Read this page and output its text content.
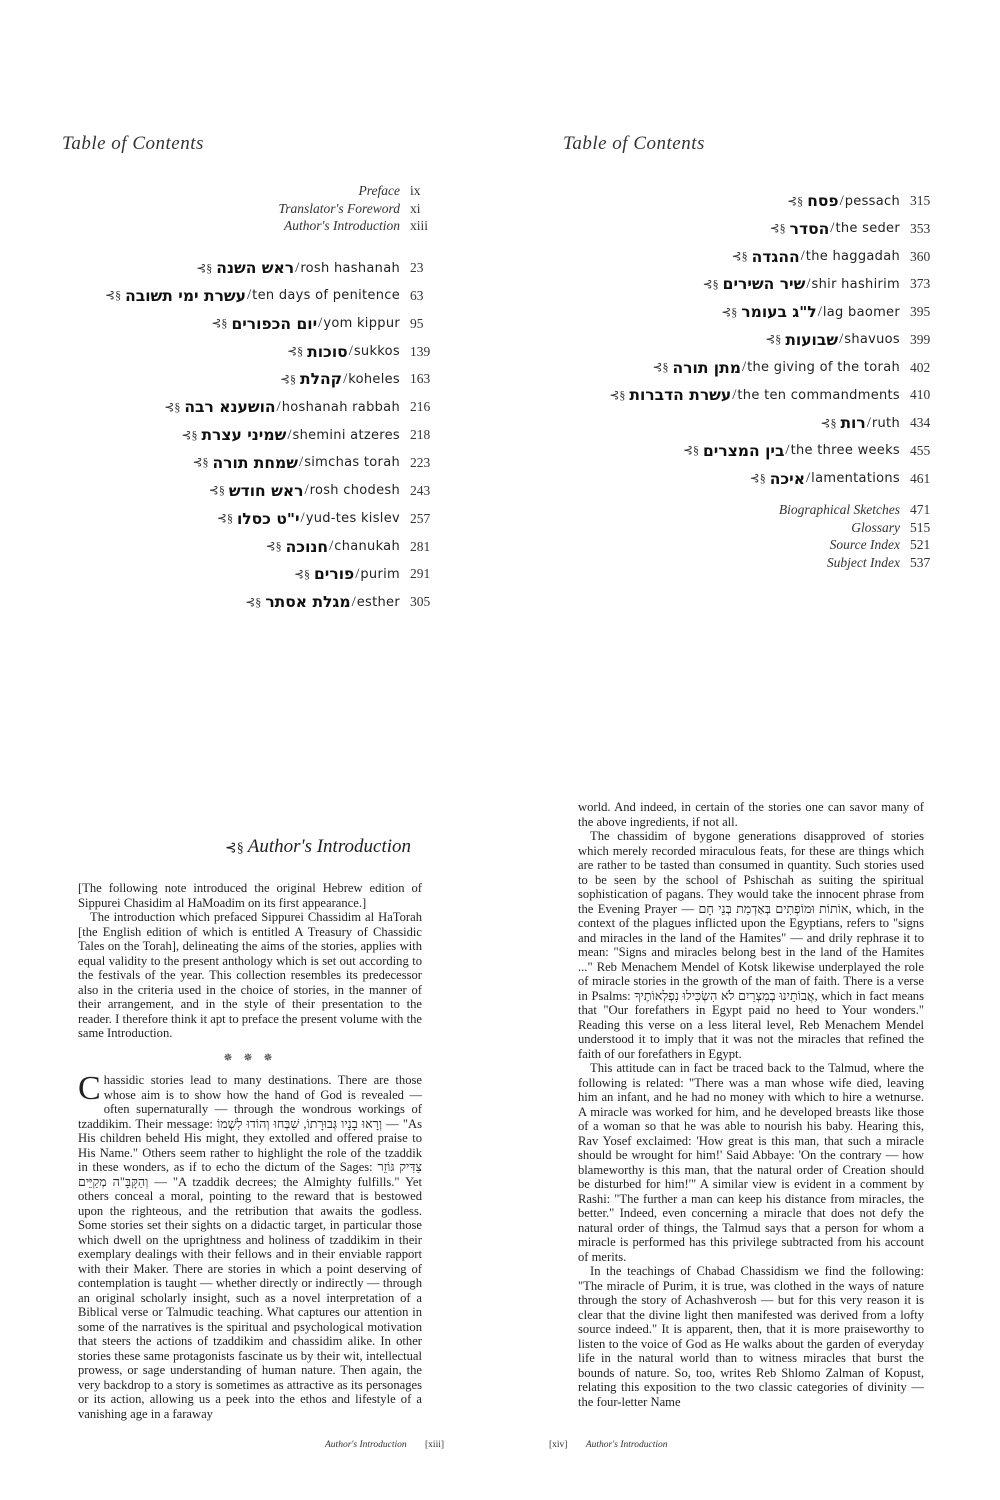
Table of Contents
Preface ix
Translator's Foreword xi
Author's Introduction xiii
⊰§ ראש השנה / rosh hashanah 23
⊰§ עשרת ימי תשובה / ten days of penitence 63
⊰§ יום הכפורים / yom kippur 95
⊰§ סוכות / sukkos 139
⊰§ קהלת / koheles 163
⊰§ הושענא רבה / hoshanah rabbah 216
⊰§ שמיני עצרת / shemini atzeres 218
⊰§ שמחת תורה / simchas torah 223
⊰§ ראש חודש / rosh chodesh 243
⊰§ י"ט כסלו / yud-tes kislev 257
⊰§ חנוכה / chanukah 281
⊰§ פורים / purim 291
⊰§ מגלת אסתר / esther 305
Table of Contents
⊰§ פסח / pessach 315
⊰§ הסדר / the seder 353
⊰§ ההגדה / the haggadah 360
⊰§ שיר השירים / shir hashirim 373
⊰§ ל"ג בעומר / lag baomer 395
⊰§ שבועות / shavuos 399
⊰§ מתן תורה / the giving of the torah 402
⊰§ עשרת הדברות / the ten commandments 410
⊰§ רות / ruth 434
⊰§ בין המצרים / the three weeks 455
⊰§ איכה / lamentations 461
Biographical Sketches 471
Glossary 515
Source Index 521
Subject Index 537
⊰§ Author's Introduction

[The following note introduced the original Hebrew edition of Sippurei Chasidim al HaMoadim on its first appearance.]

The introduction which prefaced Sippurei Chassidim al HaTorah [the English edition of which is entitled A Treasury of Chassidic Tales on the Torah], delineating the aims of the stories, applies with equal validity to the present anthology which is set out according to the festivals of the year. This collection resembles its predecessor also in the criteria used in the choice of stories, in the manner of their arrangement, and in the style of their presentation to the reader. I therefore think it apt to preface the present volume with the same Introduction.

✵ ✵ ✵

Chassidic stories lead to many destinations. There are those whose aim is to show how the hand of God is revealed — often supernaturally — through the wondrous workings of tzaddikim. Their message: וְרָאוּ בָנָיו גְּבוּרָתוֹ, שִׁבְּחוּ וְהוֹדוּ לִשְׁמוֹ — "As His children beheld His might, they extolled and offered praise to His Name." Others seem rather to highlight the role of the tzaddik in these wonders, as if to echo the dictum of the Sages: צַדִּיק גּוֹזֵר וְהַקָּבָּ"ה מְקַיֵּים — "A tzaddik decrees; the Almighty fulfills." Yet others conceal a moral, pointing to the reward that is bestowed upon the righteous, and the retribution that awaits the godless. Some stories set their sights on a didactic target, in particular those which dwell on the uprightness and holiness of tzaddikim in their exemplary dealings with their fellows and in their enviable rapport with their Maker. There are stories in which a point deserving of contemplation is taught — whether directly or indirectly — through an original scholarly insight, such as a novel interpretation of a Biblical verse or Talmudic teaching. What captures our attention in some of the narratives is the spiritual and psychological motivation that steers the actions of tzaddikim and chassidim alike. In other stories these same protagonists fascinate us by their wit, intellectual prowess, or sage understanding of human nature. Then again, the very backdrop to a story is sometimes as attractive as its personages or its action, allowing us a peek into the ethos and lifestyle of a vanishing age in a faraway

world. And indeed, in certain of the stories one can savor many of the above ingredients, if not all.

The chassidim of bygone generations disapproved of stories which merely recorded miraculous feats, for these are things which are rather to be tasted than consumed in quantity. Such stories used to be seen by the school of Pshischah as suiting the spiritual sophistication of pagans. They would take the innocent phrase from the Evening Prayer — אוֹתוֹת וּמוֹפְתִים בְּאַדְמַת בְּנֵי חָם, which, in the context of the plagues inflicted upon the Egyptians, refers to "signs and miracles in the land of the Hamites" — and drily rephrase it to mean: "Signs and miracles belong best in the land of the Hamites ..." Reb Menachem Mendel of Kotsk likewise underplayed the role of miracle stories in the growth of the man of faith. There is a verse in Psalms: אֲבוֹתֵינוּ בְמִצְרַיִם לֹא הִשְׂכִּילוּ נִפְלְאוֹתֶיךָ, which in fact means that "Our forefathers in Egypt paid no heed to Your wonders." Reading this verse on a less literal level, Reb Menachem Mendel understood it to imply that it was not the miracles that refined the faith of our forefathers in Egypt.

This attitude can in fact be traced back to the Talmud, where the following is related: "There was a man whose wife died, leaving him an infant, and he had no money with which to hire a wetnurse. A miracle was worked for him, and he developed breasts like those of a woman so that he was able to nourish his baby. Hearing this, Rav Yosef exclaimed: 'How great is this man, that such a miracle should be wrought for him!' Said Abbaye: 'On the contrary — how blameworthy is this man, that the natural order of Creation should be disturbed for him!'" A similar view is evident in a comment by Rashi: "The further a man can keep his distance from miracles, the better." Indeed, even concerning a miracle that does not defy the natural order of things, the Talmud says that a person for whom a miracle is performed has this privilege subtracted from his account of merits.

In the teachings of Chabad Chassidism we find the following: "The miracle of Purim, it is true, was clothed in the ways of nature through the story of Achashverosh — but for this very reason it is clear that the divine light then manifested was derived from a lofty source indeed." It is apparent, then, that it is more praiseworthy to listen to the voice of God as He walks about the garden of everyday life in the natural world than to witness miracles that burst the bounds of nature. So, too, writes Reb Shlomo Zalman of Kopust, relating this exposition to the two classic categories of divinity — the four-letter Name

Author's Introduction [xiii]	[xiv] Author's Introduction
